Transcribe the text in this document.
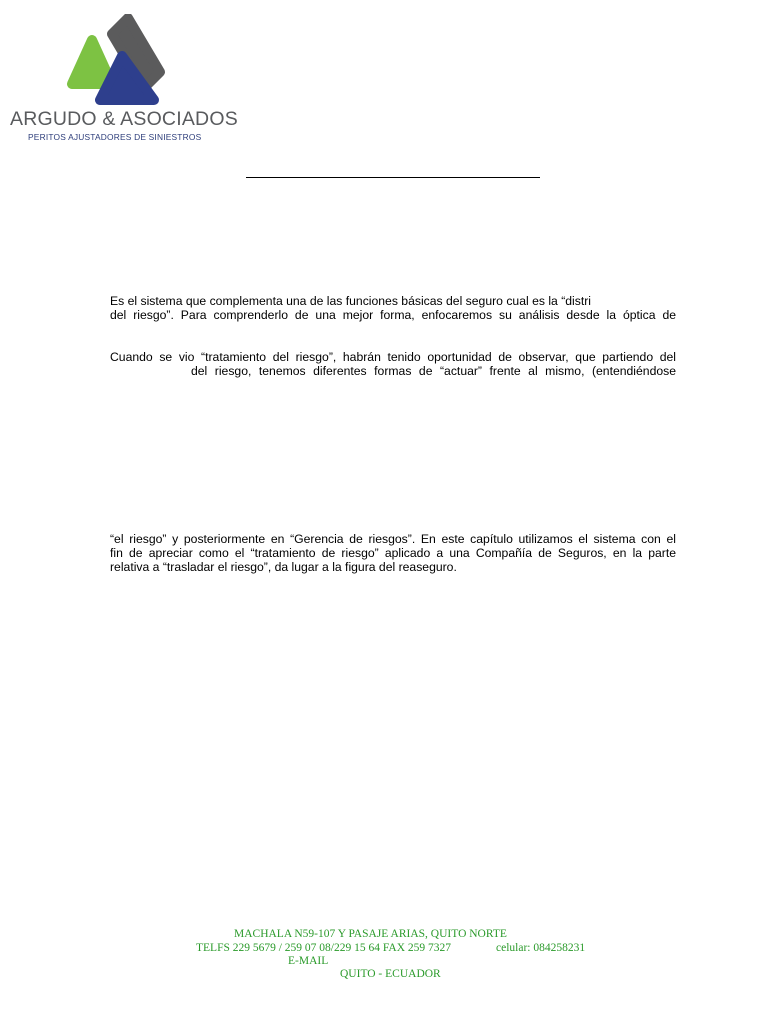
ARGUDO & ASOCIADOS
PERITOS AJUSTADORES DE SINIESTROS
Es el sistema que complementa una de las funciones básicas del seguro cual es la “distri
del riesgo”. Para comprenderlo de una mejor forma, enfocaremos su análisis desde la óptica de
Cuando se vio “tratamiento del riesgo”, habrán tenido oportunidad de observar, que partiendo del
del riesgo, tenemos diferentes formas de “actuar” frente al mismo, (entendiéndose
“el riesgo” y posteriormente en “Gerencia de riesgos”. En este capítulo utilizamos el sistema con el
fin de apreciar como el “tratamiento de riesgo” aplicado a una Compañía de Seguros, en la parte
relativa a “trasladar el riesgo”, da lugar a la figura del reaseguro.
MACHALA N59-107 Y PASAJE ARIAS, QUITO NORTE
TELFS 229 5679 / 259 07 08/229 15 64 FAX 259 7327	celular: 084258231
E-MAIL
QUITO - ECUADOR
